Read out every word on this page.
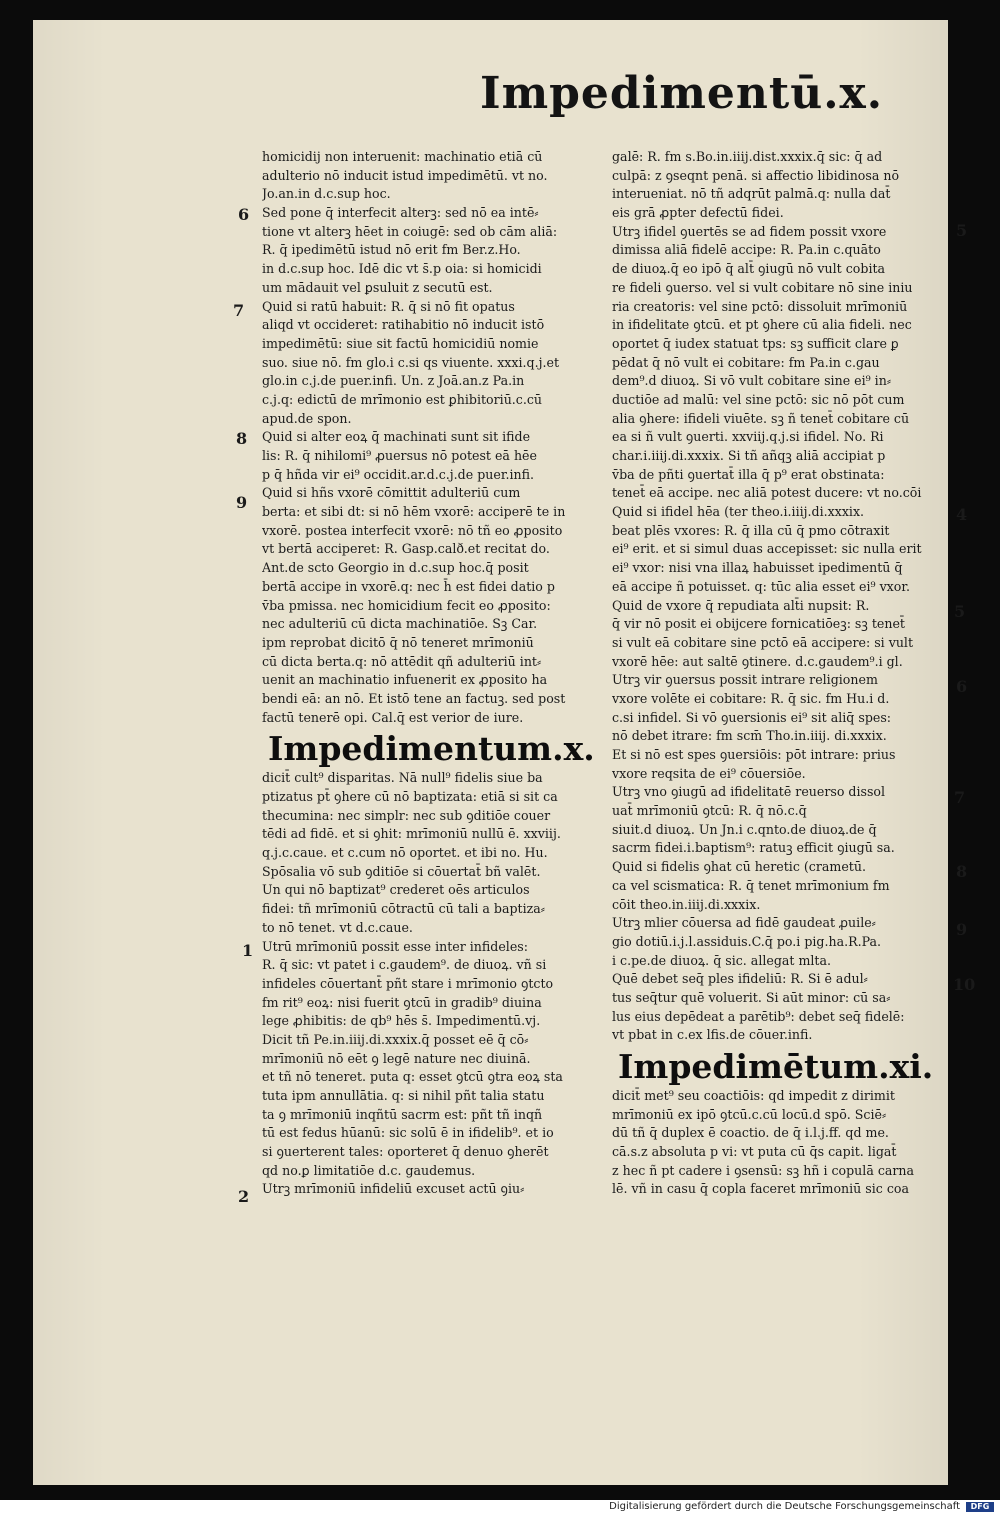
Impedimentū.x.
homicidij non interuenit: machinatio etiā cū
adulterio nō inducit istud impedimētū. vt no.
Jo.an.in d.c.sup hoc.
Sed pone q̄ interfecit alterꝫ: sed nō ea intē⸗
tione vt alterꝫ hēet in coiugē: sed ob cām aliā:
R. q̄ ipedimētū istud nō erit fm Ber.z.Ho.
in d.c.sup hoc. Idē dic vt s̄.p oia: si homicidi
um mādauit vel ꝑsuluit z secutū est.
Quid si ratū habuit: R. q̄ si nō fit opatus
aliqd vt occideret: ratihabitio nō inducit istō
impedimētū: siue sit factū homicidiū nomie
suo. siue nō. fm glo.i c.si qs viuente. xxxi.q.j.et
glo.in c.j.de puer.infi. Un. z Joā.an.z Pa.in
c.j.q: edictū de mrīmonio est ꝑhibitoriū.c.cū
apud.de spon.
Quid si alter eoꝝ q̄ machinati sunt sit ifide
lis: R. q̄ nihilomi⁹ ꝓuersus nō potest eā hēe
p q̄ hñda vir ei⁹ occidit.ar.d.c.j.de puer.infi.
Quid si hñs vxorē cōmittit adulteriū cum
berta: et sibi dt: si nō hēm vxorē: acciperē te in
vxorē. postea interfecit vxorē: nō tñ eo ꝓposito
vt bertā acciperet: R. Gasp.calð.et recitat do.
Ant.de scto Georgio in d.c.sup hoc.q̄ posit
bertā accipe in vxorē.q: nec h̄ est fidei datio p
v̄ba pmissa. nec homicidium fecit eo ꝓposito:
nec adulteriū cū dicta machinatiōe. Sꝫ Car.
ipm reprobat dicitō q̄ nō teneret mrīmoniū
cū dicta berta.q: nō attēdit qñ adulteriū int⸗
uenit an machinatio infuenerit ex ꝓposito ha
bendi eā: an nō. Et istō tene an factuꝫ. sed post
factū tenerē opi. Cal.q̄ est verior de iure.
Impedimentum.x.
dicit̄ cult⁹ disparitas. Nā null⁹ fidelis siue ba
ptizatus pt̄ ꝯhere cū nō baptizata: etiā si sit ca
thecumina: nec simplr: nec sub ꝯditiōe couer
tēdi ad fidē. et si ꝯhit: mrīmoniū nullū ē. xxviij.
q.j.c.caue. et c.cum nō oportet. et ibi no. Hu.
Spōsalia vō sub ꝯditiōe si cōuertat̄ bñ valēt.
Un qui nō baptizat⁹ crederet oēs articulos
fidei: tñ mrīmoniū cōtractū cū tali a baptiza⸗
to nō tenet. vt d.c.caue.
Utrū mrīmoniū possit esse inter infideles:
R. q̄ sic: vt patet i c.gaudem⁹. de diuoꝝ. vñ si
infideles cōuertant̄ pñt stare i mrīmonio ꝯtcto
fm rit⁹ eoꝝ: nisi fuerit ꝯtcū in gradib⁹ diuina
lege ꝓhibitis: de qb⁹ hēs s̄. Impedimentū.vj.
Dicit tñ Pe.in.iiij.di.xxxix.q̄ posset eē q̄ cō⸗
mrīmoniū nō eēt ꝯ legē nature nec diuinā.
et tñ nō teneret. puta q: esset ꝯtcū ꝯtra eoꝝ sta
tuta ipm annullātia. q: si nihil pñt talia statu
ta ꝯ mrīmoniū inqñtū sacrm est: pñt tñ inqñ
tū est fedus hūanū: sic solū ē in ifidelib⁹. et io
si ꝯuerterent tales: oporteret q̄ denuo ꝯherēt
qd no.ꝑ limitatiōe d.c. gaudemus.
Utrꝫ mrīmoniū infideliū excuset actū ꝯiu⸗
galē: R. fm s.Bo.in.iiij.dist.xxxix.q̄ sic: q̄ ad
culpā: z ꝯseqnt penā. si affectio libidinosa nō
interueniat. nō tñ adqrūt palmā.q: nulla dat̄
eis grā ꝓpter defectū fidei.
Utrꝫ ifidel ꝯuertēs se ad fidem possit vxore
dimissa aliā fidelē accipe: R. Pa.in c.quāto
de diuoꝝ.q̄ eo ipō q̄ alt̄ ꝯiugū nō vult cobita
re fideli ꝯuerso. vel si vult cobitare nō sine iniu
ria creatoris: vel sine pctō: dissoluit mrīmoniū
in ifidelitate ꝯtcū. et pt ꝯhere cū alia fideli. nec
oportet q̄ iudex statuat tps: sꝫ sufficit clare ꝑ
pēdat q̄ nō vult ei cobitare: fm Pa.in c.gau
dem⁹.d diuoꝝ. Si vō vult cobitare sine ei⁹ in⸗
ductiōe ad malū: vel sine pctō: sic nō pōt cum
alia ꝯhere: ifideli viuēte. sꝫ ñ tenet̄ cobitare cū
ea si ñ vult ꝯuerti. xxviij.q.j.si ifidel. No. Ri
char.i.iiij.di.xxxix. Si tñ añqꝫ aliā accipiat p
v̄ba de pñti ꝯuertat̄ illa q̄ p⁹ erat obstinata:
tenet̄ eā accipe. nec aliā potest ducere: vt no.cōi
Quid si ifidel hēa (ter theo.i.iiij.di.xxxix.
beat plēs vxores: R. q̄ illa cū q̄ pmo cōtraxit
ei⁹ erit. et si simul duas accepisset: sic nulla erit
ei⁹ vxor: nisi vna illaꝝ habuisset ipedimentū q̄
eā accipe ñ potuisset. q: tūc alia esset ei⁹ vxor.
Quid de vxore q̄ repudiata alt̄i nupsit: R.
q̄ vir nō posit ei obijcere fornicatiōeꝫ: sꝫ tenet̄
si vult eā cobitare sine pctō eā accipere: si vult
vxorē hēe: aut saltē ꝯtinere. d.c.gaudem⁹.i gl.
Utrꝫ vir ꝯuersus possit intrare religionem
vxore volēte ei cobitare: R. q̄ sic. fm Hu.i d.
c.si infidel. Si vō ꝯuersionis ei⁹ sit aliq̄ spes:
nō debet itrare: fm scm̄ Tho.in.iiij. di.xxxix.
Et si nō est spes ꝯuersiōis: pōt intrare: prius
vxore reqsita de ei⁹ cōuersiōe.
Utrꝫ vno ꝯiugū ad ifidelitatē reuerso dissol
uat̄ mrīmoniū ꝯtcū: R. q̄ nō.c.q̄
siuit.d diuoꝝ. Un Jn.i c.qnto.de diuoꝝ.de q̄
sacrm fidei.i.baptism⁹: ratuꝫ efficit ꝯiugū sa.
Quid si fidelis ꝯhat cū heretic (crametū.
ca vel scismatica: R. q̄ tenet mrīmonium fm
cōit theo.in.iiij.di.xxxix.
Utrꝫ mlier cōuersa ad fidē gaudeat ꝓuile⸗
gio dotiū.i.j.l.assiduis.C.q̄ po.i pig.ha.R.Pa.
i c.pe.de diuoꝝ. q̄ sic. allegat mlta.
Quē debet seq̄ ples ifideliū: R. Si ē adul⸗
tus seq̄tur quē voluerit. Si aūt minor: cū sa⸗
lus eius depēdeat a parētib⁹: debet seq̄ fidelē:
vt pbat in c.ex lfis.de cōuer.infi.
Impedimētum.xi.
dicit̄ met⁹ seu coactiōis: qd impedit z dirimit
mrīmoniū ex ipō ꝯtcū.c.cū locū.d spō. Sciē⸗
dū tñ q̄ duplex ē coactio. de q̄ i.l.j.ff. qd me.
cā.s.z absoluta p vi: vt puta cū q̄s capit. ligat̄
z hec ñ pt cadere i ꝯsensū: sꝫ hñ i copulā carna
lē. vñ in casu q̄ copla faceret mrīmoniū sic coa
6
7
8
9
1
2
5
4
5
6
7
8
9
10
Digitalisierung gefördert durch die Deutsche Forschungsgemeinschaft	DFG
